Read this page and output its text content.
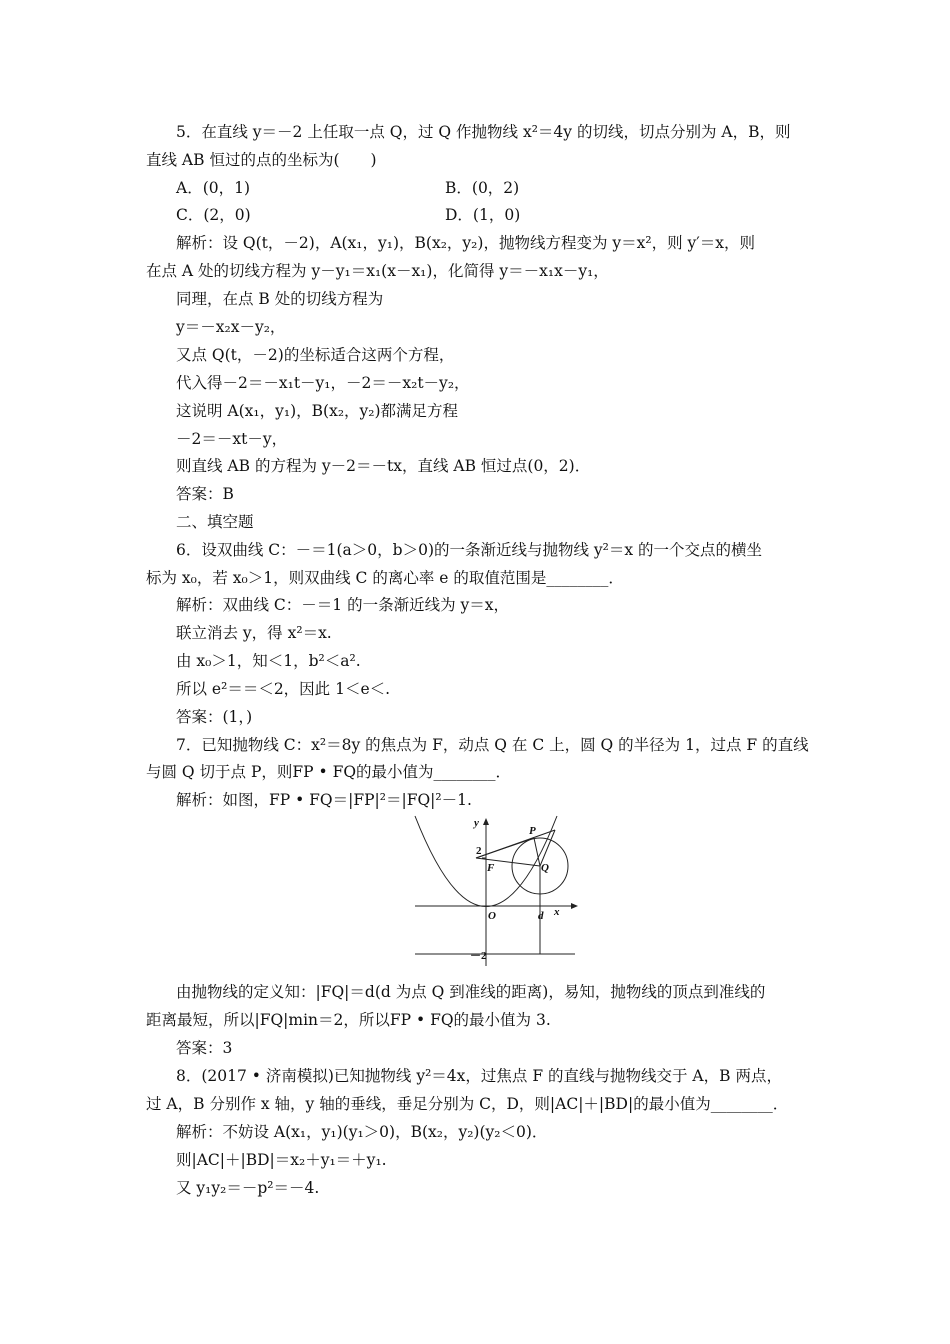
5．在直线 y＝－2 上任取一点 Q，过 Q 作抛物线 x²＝4y 的切线，切点分别为 A，B，则
直线 AB 恒过的点的坐标为(　　)
A．(0，1)	B．(0，2)
C．(2，0)	D．(1，0)
解析：设 Q(t，－2)，A(x₁，y₁)，B(x₂，y₂)，抛物线方程变为 y＝x²，则 y′＝x，则
在点 A 处的切线方程为 y－y₁＝x₁(x－x₁)，化简得 y＝－x₁x－y₁，
同理，在点 B 处的切线方程为
y＝－x₂x－y₂，
又点 Q(t，－2)的坐标适合这两个方程，
代入得－2＝－x₁t－y₁，－2＝－x₂t－y₂，
这说明 A(x₁，y₁)，B(x₂，y₂)都满足方程
－2＝－xt－y，
则直线 AB 的方程为 y－2＝－tx，直线 AB 恒过点(0，2)．
答案：B
二、填空题
6．设双曲线 C：－＝1(a＞0，b＞0)的一条渐近线与抛物线 y²＝x 的一个交点的横坐
标为 x₀，若 x₀＞1，则双曲线 C 的离心率 e 的取值范围是________．
解析：双曲线 C：－＝1 的一条渐近线为 y＝x，
联立消去 y，得 x²＝x.
由 x₀＞1，知＜1，b²＜a².
所以 e²＝＝＜2，因此 1＜e＜.
答案：(1，)
7．已知抛物线 C：x²＝8y 的焦点为 F，动点 Q 在 C 上，圆 Q 的半径为 1，过点 F 的直线
与圆 Q 切于点 P，则FP • FQ的最小值为________．
解析：如图，FP • FQ＝|FP|²＝|FQ|²－1.
y
P
2
F	Q
O	d x
－2
由抛物线的定义知：|FQ|＝d(d 为点 Q 到准线的距离)，易知，抛物线的顶点到准线的
距离最短，所以|FQ|min＝2，所以FP • FQ的最小值为 3.
答案：3
8．(2017 • 济南模拟)已知抛物线 y²＝4x，过焦点 F 的直线与抛物线交于 A，B 两点，
过 A，B 分别作 x 轴，y 轴的垂线，垂足分别为 C，D，则|AC|＋|BD|的最小值为________．
解析：不妨设 A(x₁，y₁)(y₁＞0)，B(x₂，y₂)(y₂＜0)．
则|AC|＋|BD|＝x₂＋y₁＝＋y₁.
又 y₁y₂＝－p²＝－4.
